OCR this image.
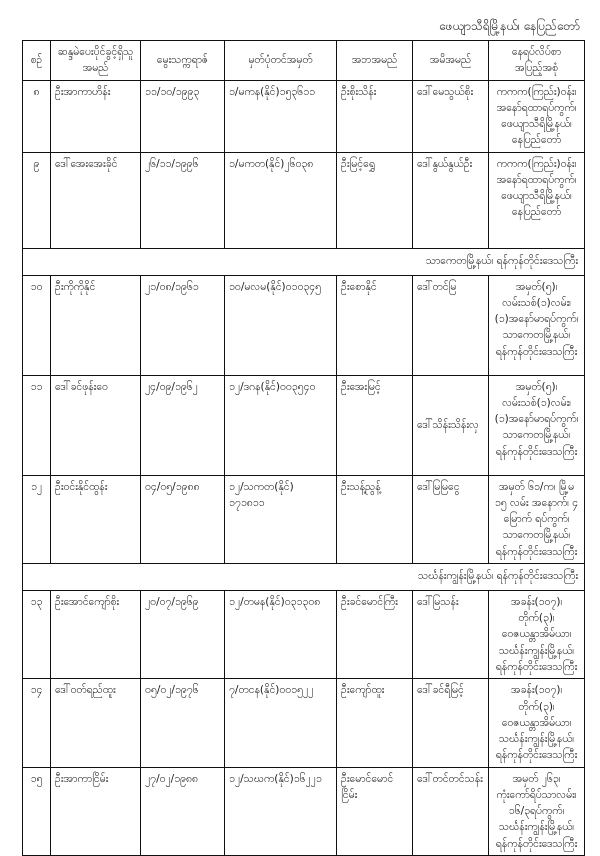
ဖေယျာသီရိမြို့နယ်၊ နေပြည်တော်
စဉ်	ဆန္ဒမဲပေးပိုင်ခွင့်ရှိသူအမည်	မွေးသက္ကရာဇ်	မှတ်ပုံတင်အမှတ်	အဘအမည်	အမိအမည်	နေရပ်လိပ်စာ အပြည့်အစုံ
၈	ဦးအာကာဟိန်း	၁၁/၁၀/၁၉၉၃	၁/မကန(နိုင်)၁၅၃၆၁၁	ဦးစိုးသိန်း	ဒေါ်မေသွယ်စိုး	ကကက(ကြည်း)ဝန်း၊
အနော်ရထာရပ်ကွက်၊
ဖေယျာသီရိမြို့နယ်၊
နေပြည်တော်

၉	ဒေါ်အေးအေးခိုင်	၂၆/၁၁/၁၉၉၆	၁/မကတ(နိုင်)၂၆၀၃၈	ဦးမြင့်ရွှေ	ဒေါ်နွယ်နွယ်ဦး	ကကက(ကြည်း)ဝန်း၊
အနော်ရထာရပ်ကွက်၊
ဖေယျာသီရိမြို့နယ်၊
နေပြည်တော်

သာကေတမြို့နယ်၊ ရန်ကုန်တိုင်းဒေသကြီး						
၁၀	ဦးကိုကိုနိုင်	၂၁/၀၈/၁၉၆၁	၁၀/မလမ(နိုင်)၀၁၀၃၄၅	ဦးစောနိုင်	ဒေါ်တင်မြ	အမှတ်(၅)၊
လမ်းသစ်(၁)လမ်း၊
(၁)အနော်မာရပ်ကွက်၊
သာကေတမြို့နယ်၊
ရန်ကုန်တိုင်းဒေသကြီး

၁၁	ဒေါ်ခင်ဖုန်းဝေ	၂၄/၀၉/၁၉၆၂	၁၂/ဒဂန(နိုင်)၀၀၃၅၄၀	ဦးအေးမြင့်	ဒေါ်သိန်းသိန်းလှ	အမှတ်(၅)၊
လမ်းသစ်(၁)လမ်း၊
(၁)အနော်မာရပ်ကွက်၊
သာကေတမြို့နယ်၊
ရန်ကုန်တိုင်းဒေသကြီး

၁၂	ဦးဝင်းနိုင်ထွန်း	၀၄/၀၅/၁၉၈၈	၁၂/သကတ(နိုင်) ၁၇၁၈၁၁	ဦးသန့်ညွန့်	ဒေါ်မြမြငွေ	အမှတ် ၆၁/က၊ မြို့မ
၁၅ လမ်း အနောက်၊ ၄
မြောက် ရပ်ကွက်၊
သာကေတမြို့နယ်၊
ရန်ကုန်တိုင်းဒေသကြီး

သင်္ဃန်းကျွန်းမြို့နယ်၊ ရန်ကုန်တိုင်းဒေသကြီး						
၁၃	ဦးအောင်ကျော်စိုး	၂၀/၀၇/၁၉၆၉	၁၂/တမန(နိုင်)၀၃၁၃၀၈	ဦးခင်မောင်ကြီး	ဒေါ်မြသန်း	အခန်း(၁၀၇)၊ တိုက်(၃)၊
ဝေဇယန္တာအိမ်ယာ၊
သင်္ဃန်းကျွန်းမြို့နယ်၊
ရန်ကုန်တိုင်းဒေသကြီး

၁၄	ဒေါ်ဝတ်ရည်ထူး	၀၅/၀၂/၁၉၇၆	၇/တငန(နိုင်)၀၀၁၅၂၂	ဦးကျော်ထူး	ဒေါ်ခင်ရီမြင့်	အခန်း(၁၀၇)၊ တိုက်(၃)၊
ဝေဇယန္တာအိမ်ယာ၊
သင်္ဃန်းကျွန်းမြို့နယ်၊
ရန်ကုန်တိုင်းဒေသကြီး

၁၅	ဦးအာကာငြိမ်း	၂၇/၀၂/၁၉၈၈	၁၂/သဃက(နိုင်)၁၆၂၂၁	ဦးမောင်မောင်ငြိမ်း	ဒေါ်တင်တင်သန်း	အမှတ် ၂၆၃၊
ကုံးကော်ရိပ်သာလမ်း၊
၁၆/၃ရပ်ကွက်၊
သင်္ဃန်းကျွန်းမြို့နယ်၊
ရန်ကုန်တိုင်းဒေသကြီး
